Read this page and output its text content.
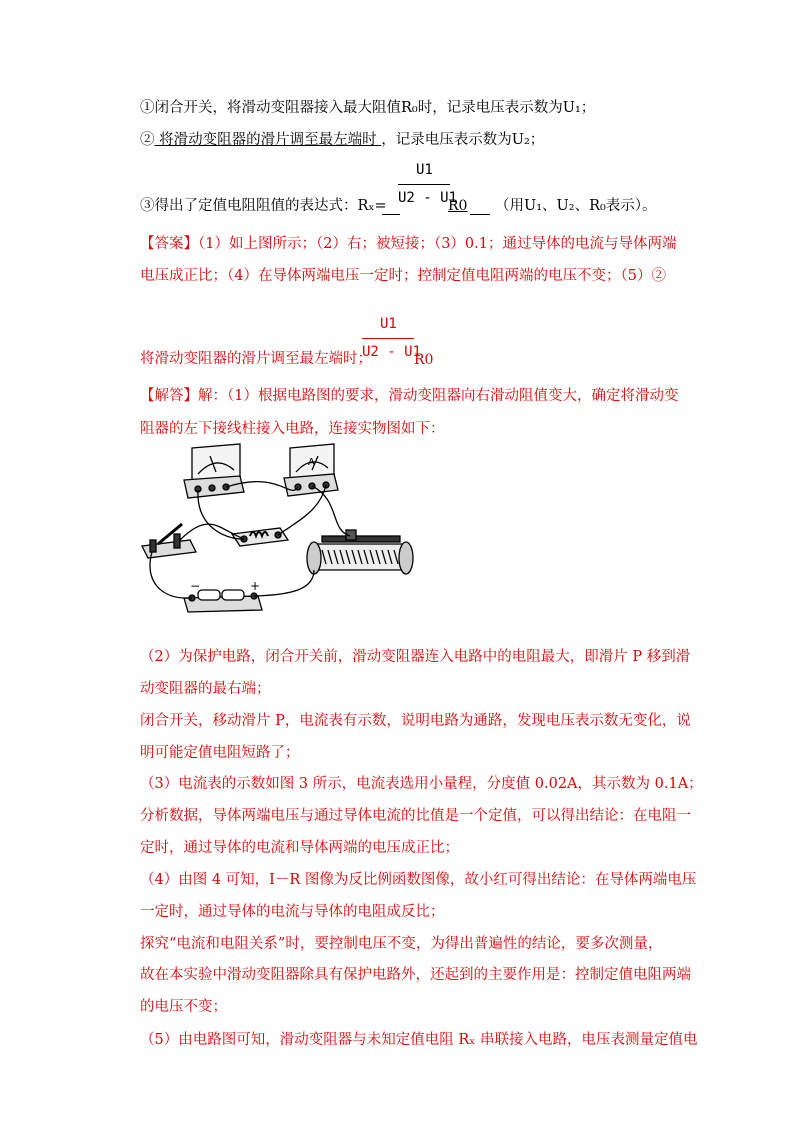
①闭合开关，将滑动变阻器接入最大阻值R₀时，记录电压表示数为U₁；
② 将滑动变阻器的滑片调至最左端时 ，记录电压表示数为U₂；
③得出了定值电阻阻值的表达式：Rₓ=
U1
U2 - U1
R0 （用U₁、U₂、R₀表示）。
【答案】（1）如上图所示；（2）右；被短接；（3）0.1；通过导体的电流与导体两端
电压成正比；（4）在导体两端电压一定时；控制定值电阻两端的电压不变；（5）②
将滑动变阻器的滑片调至最左端时；
U1
U2 - U1
R0
【解答】解：（1）根据电路图的要求，滑动变阻器向右滑动阻值变大，确定将滑动变
阻器的左下接线柱接入电路，连接实物图如下：
A
−	+
（2）为保护电路，闭合开关前，滑动变阻器连入电路中的电阻最大，即滑片 P 移到滑
动变阻器的最右端；
闭合开关，移动滑片 P，电流表有示数，说明电路为通路，发现电压表示数无变化，说
明可能定值电阻短路了；
（3）电流表的示数如图 3 所示，电流表选用小量程，分度值 0.02A，其示数为 0.1A；
分析数据，导体两端电压与通过导体电流的比值是一个定值，可以得出结论：在电阻一
定时，通过导体的电流和导体两端的电压成正比；
（4）由图 4 可知，I－R 图像为反比例函数图像，故小红可得出结论：在导体两端电压
一定时，通过导体的电流与导体的电阻成反比；
探究“电流和电阻关系”时，要控制电压不变，为得出普遍性的结论，要多次测量，
故在本实验中滑动变阻器除具有保护电路外，还起到的主要作用是：控制定值电阻两端
的电压不变；
（5）由电路图可知，滑动变阻器与未知定值电阻 Rₓ 串联接入电路，电压表测量定值电
